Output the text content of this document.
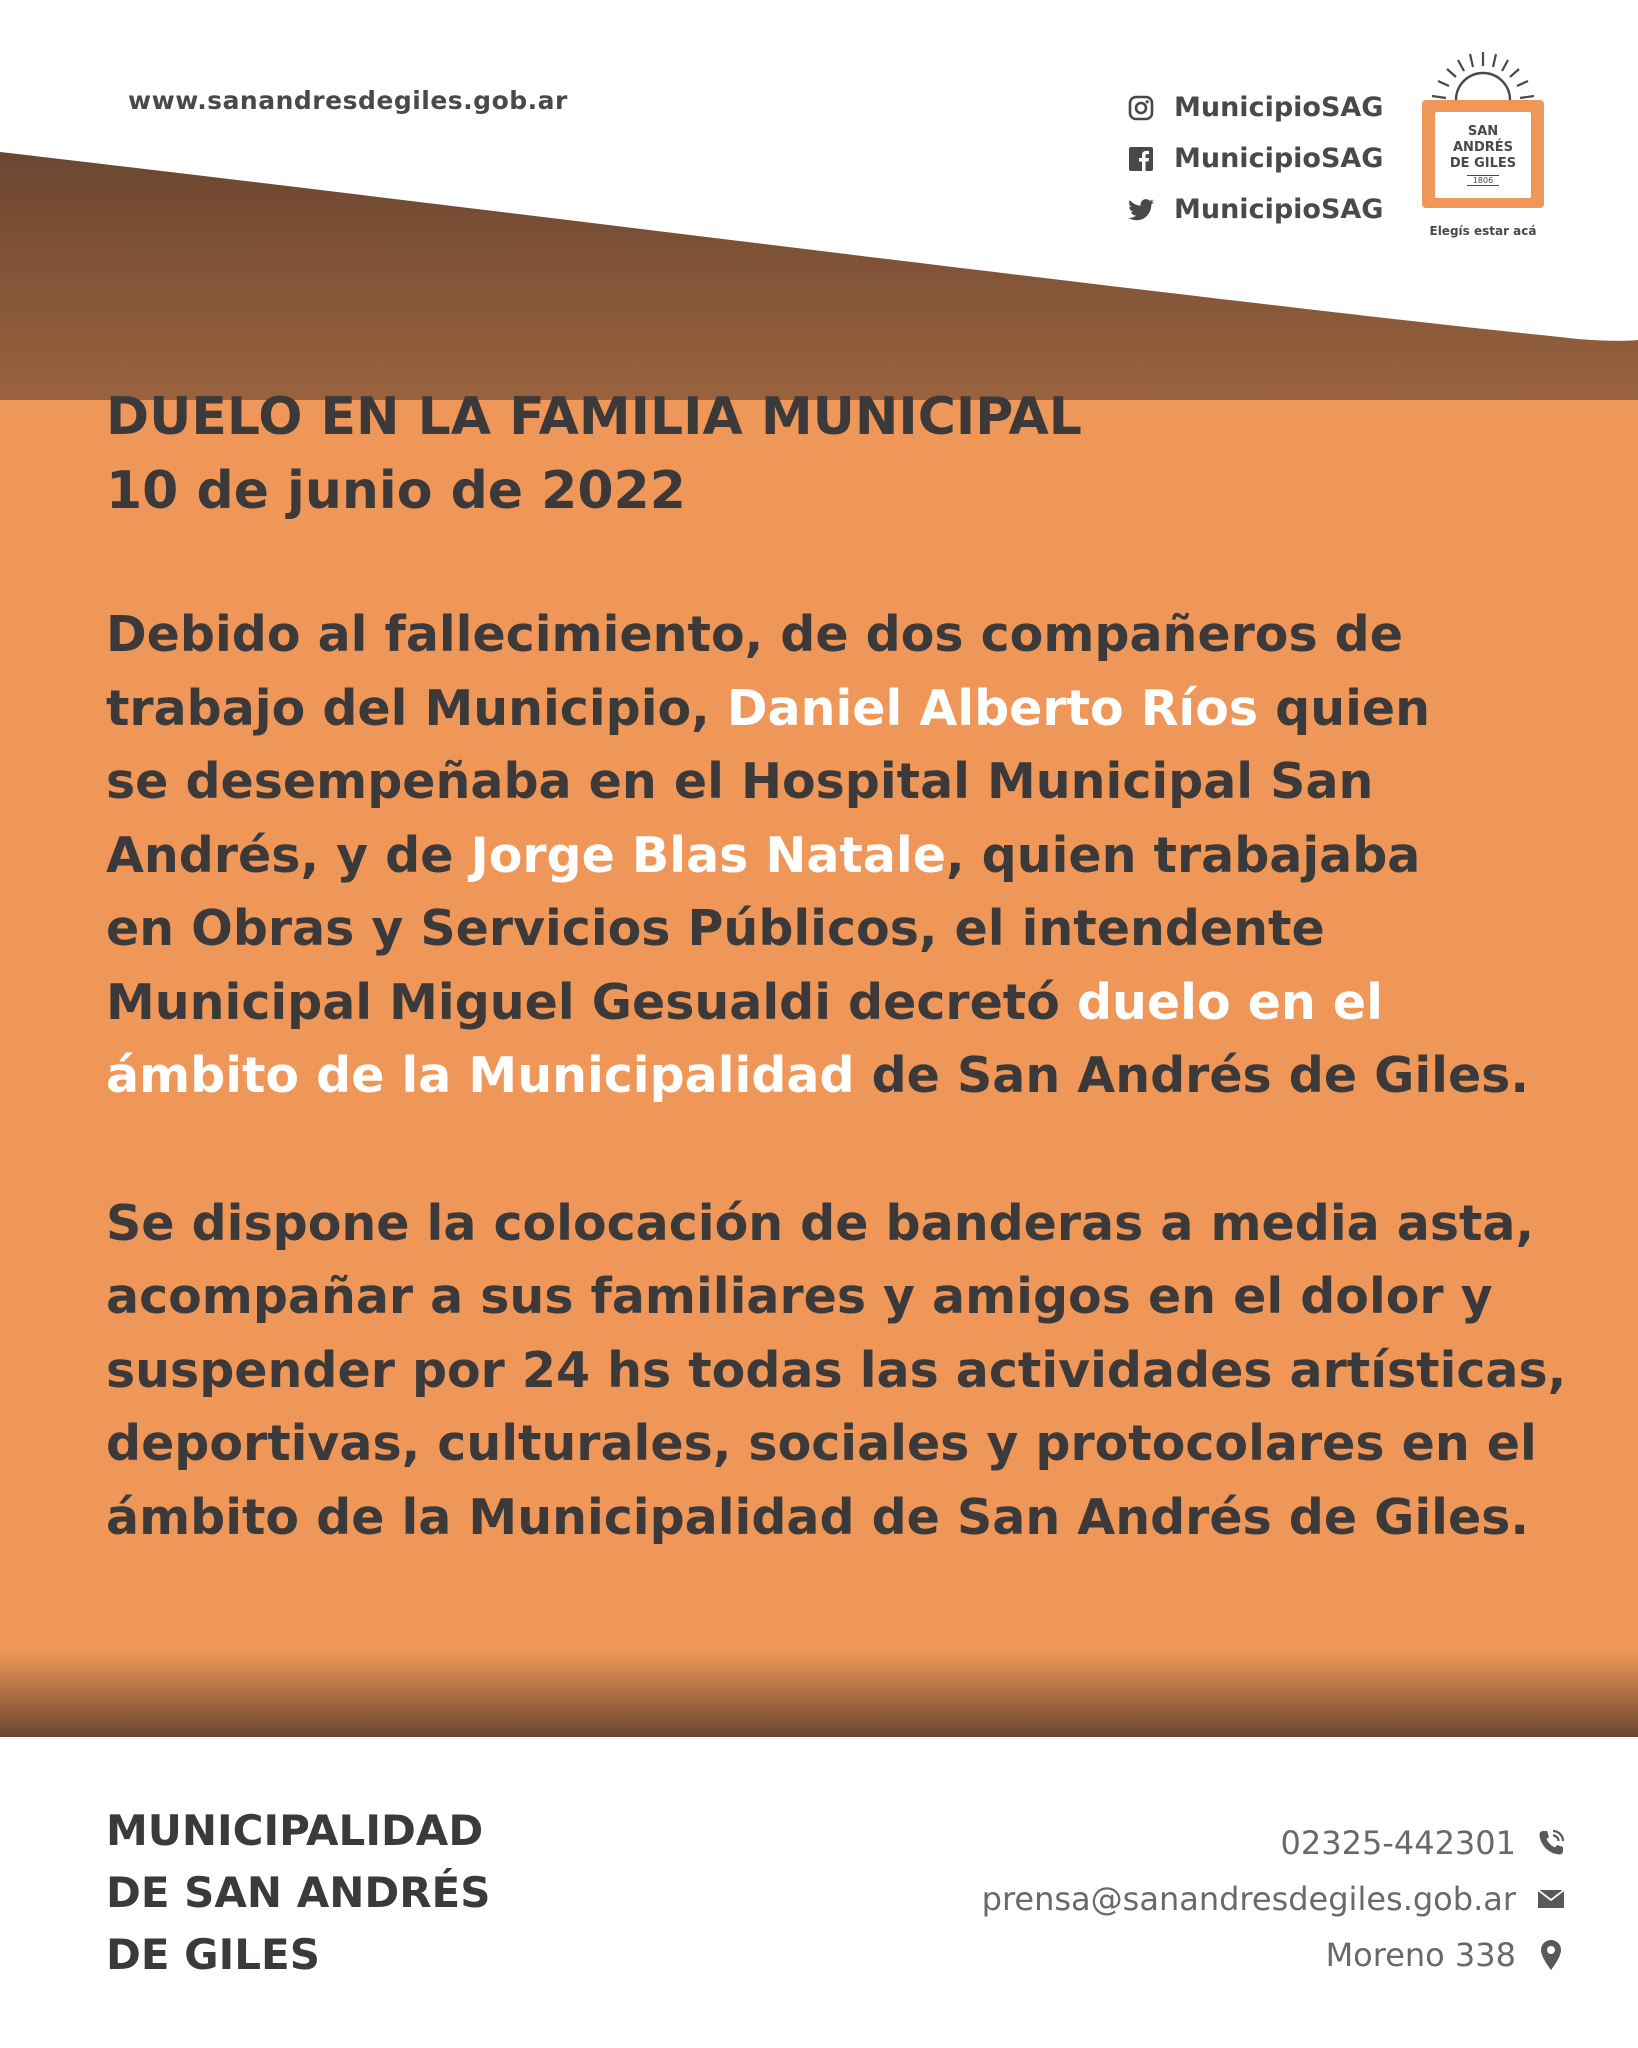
www.sanandresdegiles.gob.ar	MunicipioSAG
MunicipioSAG
MunicipioSAG
SAN
ANDRÉS
DE GILES
1806
Elegís estar acá
DUELO EN LA FAMILIA MUNICIPAL
10 de junio de 2022
Debido al fallecimiento, de dos compañeros de
trabajo del Municipio, Daniel Alberto Ríos quien
se desempeñaba en el Hospital Municipal San
Andrés, y de Jorge Blas Natale, quien trabajaba
en Obras y Servicios Públicos, el intendente
Municipal Miguel Gesualdi decretó duelo en el
ámbito de la Municipalidad de San Andrés de Giles.
Se dispone la colocación de banderas a media asta,
acompañar a sus familiares y amigos en el dolor y
suspender por 24 hs todas las actividades artísticas,
deportivas, culturales, sociales y protocolares en el
ámbito de la Municipalidad de San Andrés de Giles.
MUNICIPALIDAD
DE SAN ANDRÉS
DE GILES
02325-442301
prensa@sanandresdegiles.gob.ar
Moreno 338
